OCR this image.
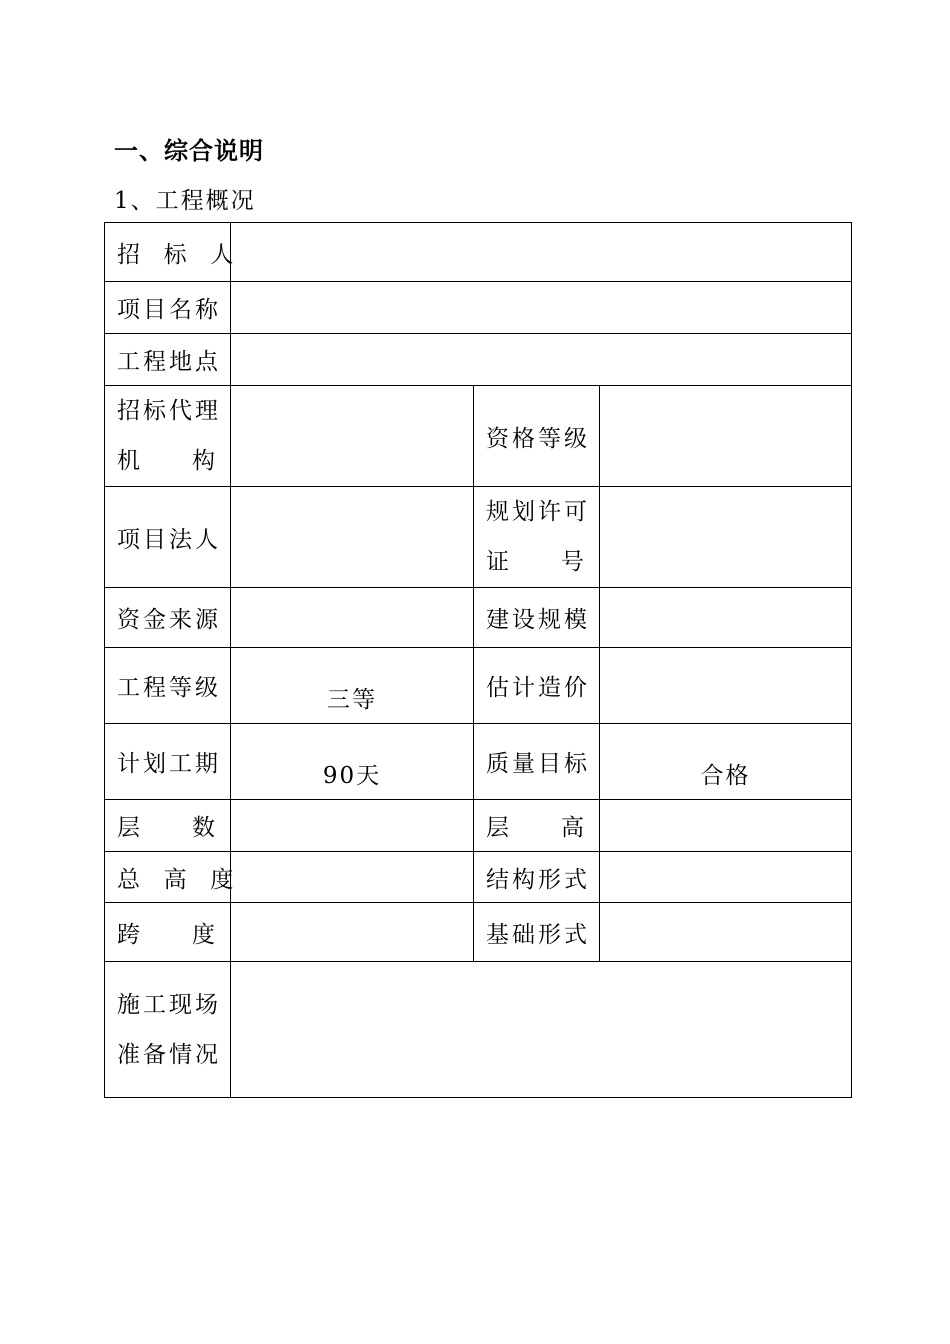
一、综合说明
1、工程概况
招  标  人			
项目名称			
工程地点			

招标代理
机 构		资格等级	
项目法人		规划许可
证 号	

资金来源		建设规模	
工程等级	三等	估计造价	
计划工期	90天	质量目标	合格

层 数		层 高	

总  高  度		结构形式	

跨 度		基础形式	

施工现场
准备情况			
